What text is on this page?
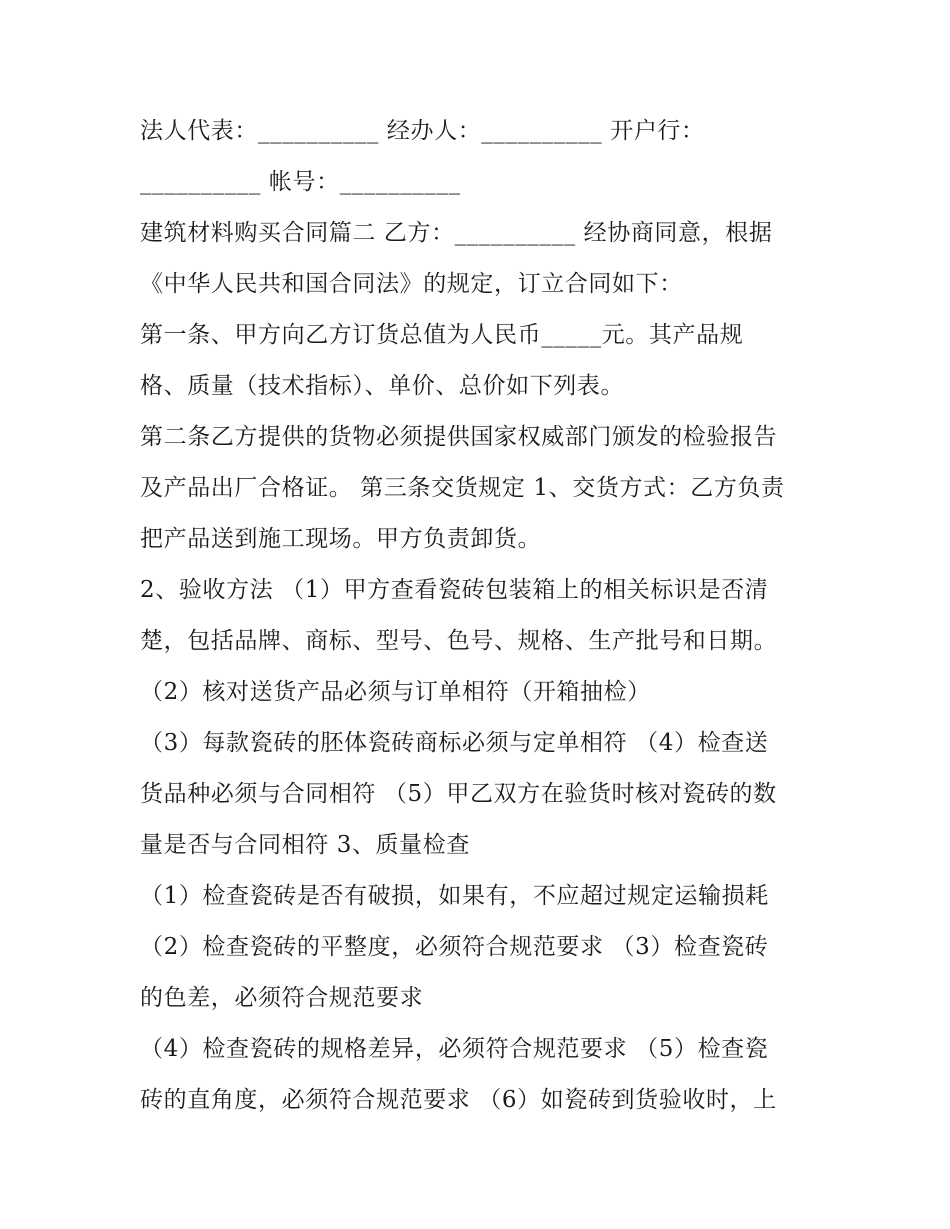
法人代表：__________ 经办人：__________ 开户行：
__________ 帐号：__________
建筑材料购买合同篇二 乙方：__________ 经协商同意，根据
《中华人民共和国合同法》的规定，订立合同如下：
第一条、甲方向乙方订货总值为人民币_____元。其产品规
格、质量（技术指标）、单价、总价如下列表。
第二条乙方提供的货物必须提供国家权威部门颁发的检验报告
及产品出厂合格证。 第三条交货规定 1、交货方式：乙方负责
把产品送到施工现场。甲方负责卸货。
2、验收方法 （1）甲方查看瓷砖包装箱上的相关标识是否清
楚，包括品牌、商标、型号、色号、规格、生产批号和日期。
（2）核对送货产品必须与订单相符（开箱抽检）
（3）每款瓷砖的胚体瓷砖商标必须与定单相符 （4）检查送
货品种必须与合同相符 （5）甲乙双方在验货时核对瓷砖的数
量是否与合同相符 3、质量检查
（1）检查瓷砖是否有破损，如果有，不应超过规定运输损耗
（2）检查瓷砖的平整度，必须符合规范要求 （3）检查瓷砖
的色差，必须符合规范要求
（4）检查瓷砖的规格差异，必须符合规范要求 （5）检查瓷
砖的直角度，必须符合规范要求 （6）如瓷砖到货验收时，上
